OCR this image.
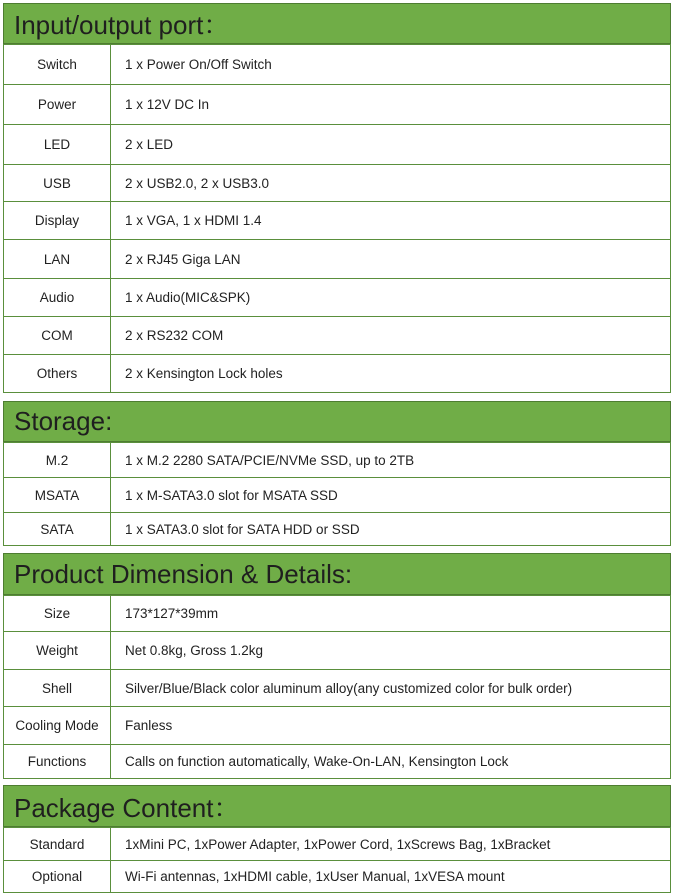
Input/output port：
Switch	1 x Power On/Off Switch
Power	1 x 12V DC In
LED	2 x LED
USB	2 x USB2.0, 2 x USB3.0
Display	1 x VGA, 1 x HDMI 1.4
LAN	2 x RJ45 Giga LAN
Audio	1 x Audio(MIC&SPK)
COM	2 x RS232 COM
Others	2 x Kensington Lock holes
Storage:
M.2	1 x M.2 2280 SATA/PCIE/NVMe SSD, up to 2TB
MSATA	1 x M-SATA3.0 slot for MSATA SSD
SATA	1 x SATA3.0 slot for SATA HDD or SSD
Product Dimension & Details:
Size	173*127*39mm
Weight	Net 0.8kg, Gross 1.2kg
Shell	Silver/Blue/Black color aluminum alloy(any customized color for bulk order)
Cooling Mode	Fanless
Functions	Calls on function automatically, Wake-On-LAN, Kensington Lock
Package Content：
Standard	1xMini PC, 1xPower Adapter, 1xPower Cord, 1xScrews Bag, 1xBracket
Optional	Wi-Fi antennas, 1xHDMI cable, 1xUser Manual, 1xVESA mount
